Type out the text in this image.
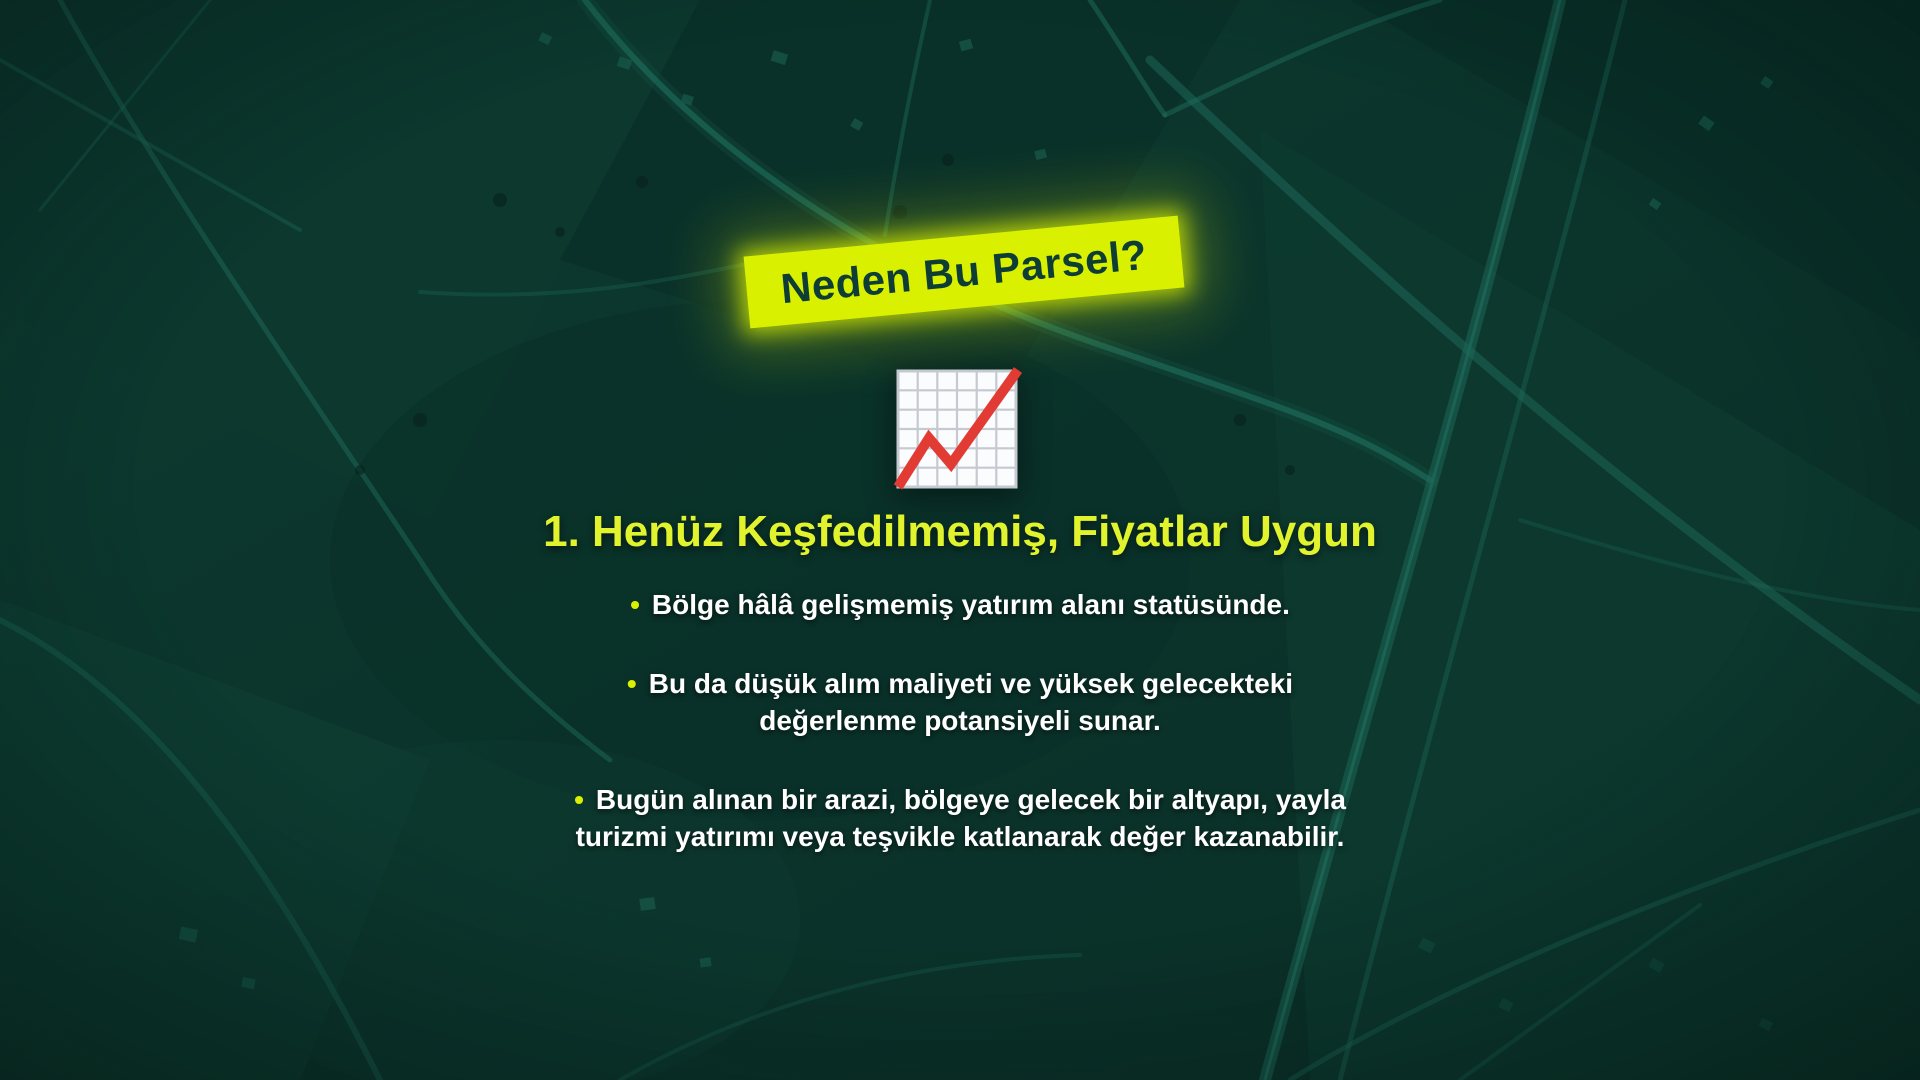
Neden Bu Parsel?
1. Henüz Keşfedilmemiş, Fiyatlar Uygun

• Bölge hâlâ gelişmemiş yatırım alanı statüsünde.

• Bu da düşük alım maliyeti ve yüksek gelecekteki
değerlenme potansiyeli sunar.

• Bugün alınan bir arazi, bölgeye gelecek bir altyapı, yayla
turizmi yatırımı veya teşvikle katlanarak değer kazanabilir.
